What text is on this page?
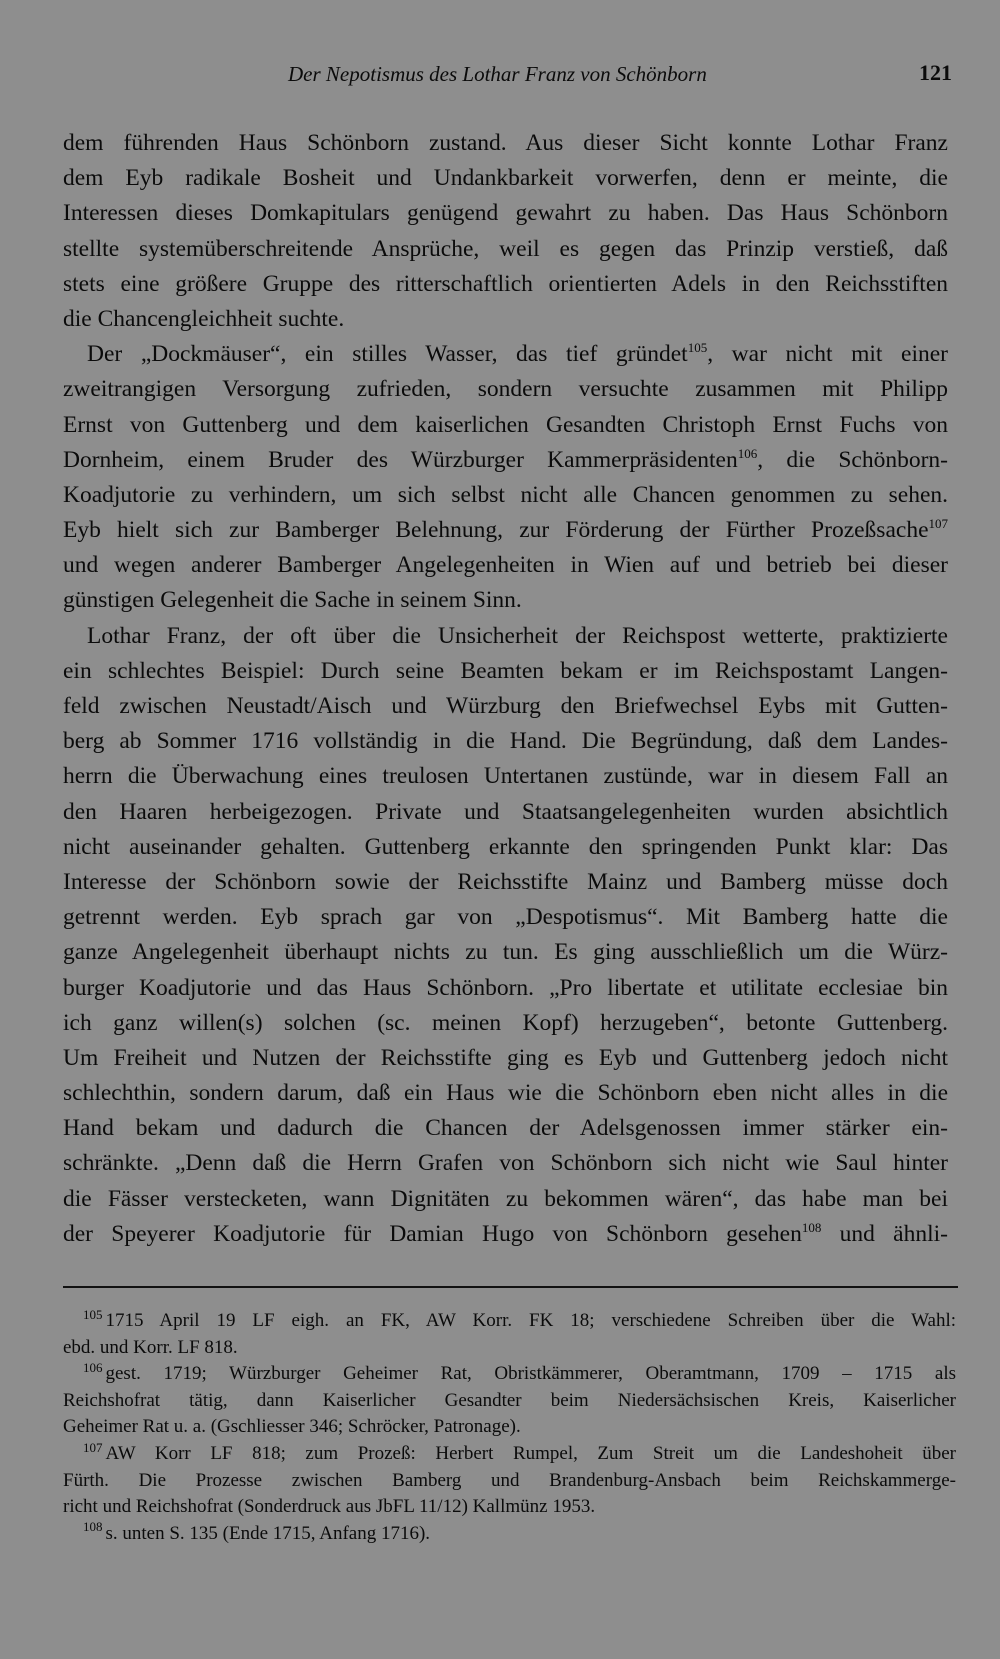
Der Nepotismus des Lothar Franz von Schönborn	121
dem führenden Haus Schönborn zustand. Aus dieser Sicht konnte Lothar Franz
dem Eyb radikale Bosheit und Undankbarkeit vorwerfen, denn er meinte, die
Interessen dieses Domkapitulars genügend gewahrt zu haben. Das Haus Schönborn
stellte systemüberschreitende Ansprüche, weil es gegen das Prinzip verstieß, daß
stets eine größere Gruppe des ritterschaftlich orientierten Adels in den Reichsstiften
die Chancengleichheit suchte.
Der „Dockmäuser“, ein stilles Wasser, das tief gründet$^{105}$, war nicht mit einer
zweitrangigen Versorgung zufrieden, sondern versuchte zusammen mit Philipp
Ernst von Guttenberg und dem kaiserlichen Gesandten Christoph Ernst Fuchs von
Dornheim, einem Bruder des Würzburger Kammerpräsidenten$^{106}$, die Schönborn-
Koadjutorie zu verhindern, um sich selbst nicht alle Chancen genommen zu sehen.
Eyb hielt sich zur Bamberger Belehnung, zur Förderung der Fürther Prozeßsache$^{107}$
und wegen anderer Bamberger Angelegenheiten in Wien auf und betrieb bei dieser
günstigen Gelegenheit die Sache in seinem Sinn.
Lothar Franz, der oft über die Unsicherheit der Reichspost wetterte, praktizierte
ein schlechtes Beispiel: Durch seine Beamten bekam er im Reichspostamt Langen-
feld zwischen Neustadt/Aisch und Würzburg den Briefwechsel Eybs mit Gutten-
berg ab Sommer 1716 vollständig in die Hand. Die Begründung, daß dem Landes-
herrn die Überwachung eines treulosen Untertanen zustünde, war in diesem Fall an
den Haaren herbeigezogen. Private und Staatsangelegenheiten wurden absichtlich
nicht auseinander gehalten. Guttenberg erkannte den springenden Punkt klar: Das
Interesse der Schönborn sowie der Reichsstifte Mainz und Bamberg müsse doch
getrennt werden. Eyb sprach gar von „Despotismus“. Mit Bamberg hatte die
ganze Angelegenheit überhaupt nichts zu tun. Es ging ausschließlich um die Würz-
burger Koadjutorie und das Haus Schönborn. „Pro libertate et utilitate ecclesiae bin
ich ganz willen(s) solchen (sc. meinen Kopf) herzugeben“, betonte Guttenberg.
Um Freiheit und Nutzen der Reichsstifte ging es Eyb und Guttenberg jedoch nicht
schlechthin, sondern darum, daß ein Haus wie die Schönborn eben nicht alles in die
Hand bekam und dadurch die Chancen der Adelsgenossen immer stärker ein-
schränkte. „Denn daß die Herrn Grafen von Schönborn sich nicht wie Saul hinter
die Fässer verstecketen, wann Dignitäten zu bekommen wären“, das habe man bei
der Speyerer Koadjutorie für Damian Hugo von Schönborn gesehen$^{108}$ und ähnli-
$^{105}$ 1715 April 19 LF eigh. an FK, AW Korr. FK 18; verschiedene Schreiben über die Wahl:
ebd. und Korr. LF 818.
$^{106}$ gest. 1719; Würzburger Geheimer Rat, Obristkämmerer, Oberamtmann, 1709 – 1715 als
Reichshofrat tätig, dann Kaiserlicher Gesandter beim Niedersächsischen Kreis, Kaiserlicher
Geheimer Rat u. a. (Gschliesser 346; Schröcker, Patronage).
$^{107}$ AW Korr LF 818; zum Prozeß: Herbert Rumpel, Zum Streit um die Landeshoheit über
Fürth. Die Prozesse zwischen Bamberg und Brandenburg-Ansbach beim Reichskammerge-
richt und Reichshofrat (Sonderdruck aus JbFL 11/12) Kallmünz 1953.
$^{108}$ s. unten S. 135 (Ende 1715, Anfang 1716).
